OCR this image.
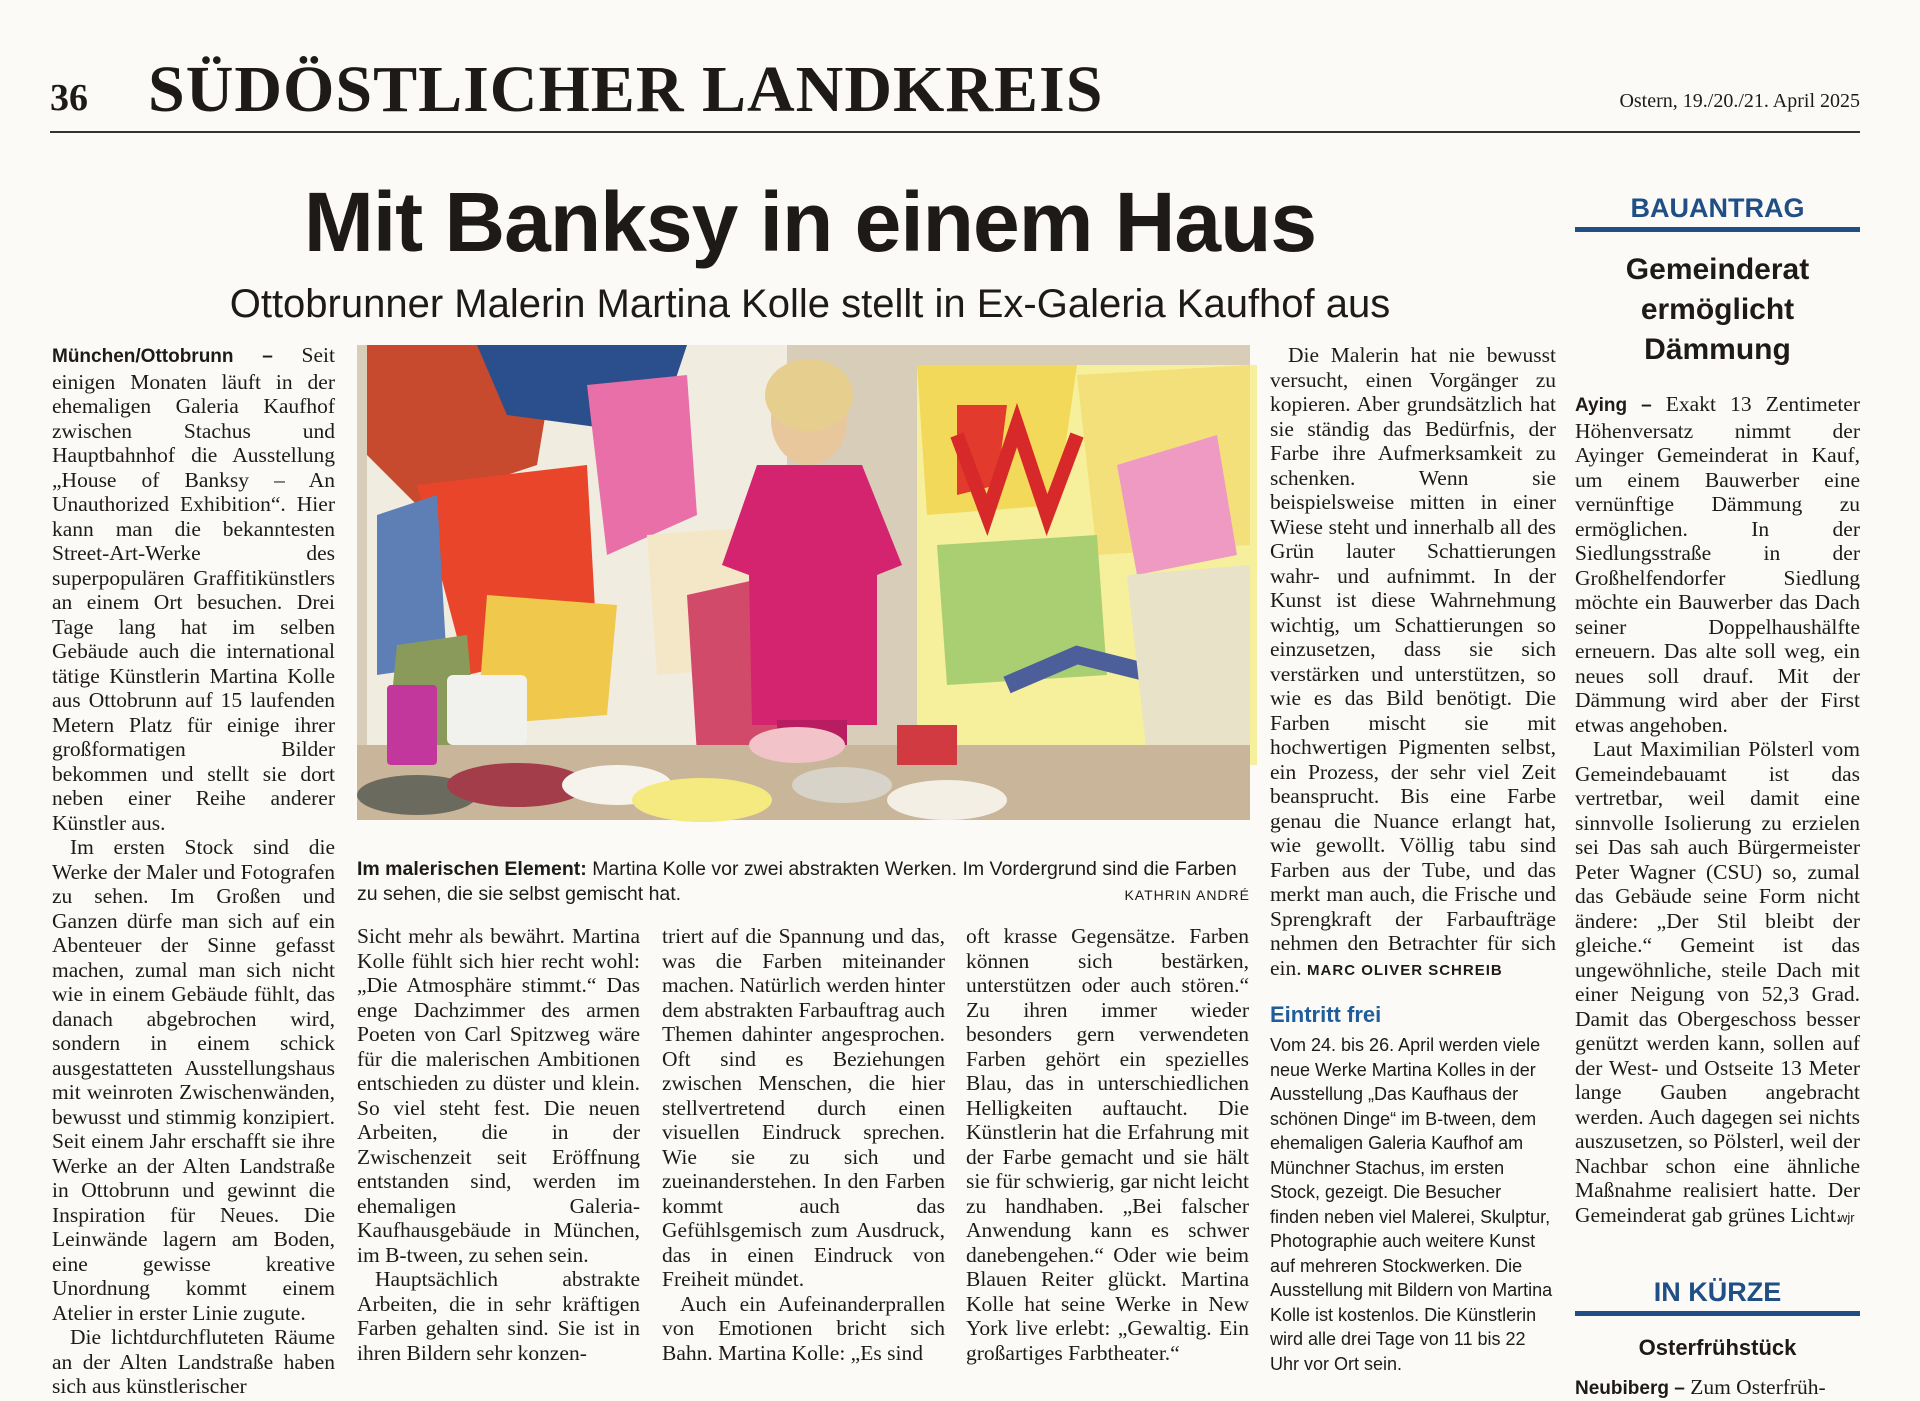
36 SÜDÖSTLICHER LANDKREIS	Ostern, 19./20./21. April 2025
Mit Banksy in einem Haus
Ottobrunner Malerin Martina Kolle stellt in Ex-Galeria Kaufhof aus

München/Ottobrunn – Seit einigen Monaten läuft in der ehemaligen Galeria Kaufhof zwischen Stachus und Hauptbahnhof die Ausstellung „House of Banksy – An Unauthorized Exhibition“. Hier kann man die bekanntesten Street-Art-Werke des superpopulären Graffitikünstlers an einem Ort besuchen. Drei Tage lang hat im selben Gebäude auch die international tätige Künstlerin Martina Kolle aus Ottobrunn auf 15 laufenden Metern Platz für einige ihrer großformatigen Bilder bekommen und stellt sie dort neben einer Reihe anderer Künstler aus.

Im ersten Stock sind die Werke der Maler und Fotografen zu sehen. Im Großen und Ganzen dürfe man sich auf ein Abenteuer der Sinne gefasst machen, zumal man sich nicht wie in einem Gebäude fühlt, das danach abgebrochen wird, sondern in einem schick ausgestatteten Ausstellungshaus mit weinroten Zwischenwänden, bewusst und stimmig konzipiert. Seit einem Jahr erschafft sie ihre Werke an der Alten Landstraße in Ottobrunn und gewinnt die Inspiration für Neues. Die Leinwände lagern am Boden, eine gewisse kreative Unordnung kommt einem Atelier in erster Linie zugute.

Die lichtdurchfluteten Räume an der Alten Landstraße haben sich aus künstlerischer

Im malerischen Element: Martina Kolle vor zwei abstrakten Werken. Im Vordergrund sind die Farben zu sehen, die sie selbst gemischt hat.	KATHRIN ANDRÉ

Sicht mehr als bewährt. Martina Kolle fühlt sich hier recht wohl: „Die Atmosphäre stimmt.“ Das enge Dachzimmer des armen Poeten von Carl Spitzweg wäre für die malerischen Ambitionen entschieden zu düster und klein. So viel steht fest. Die neuen Arbeiten, die in der Zwischenzeit seit Eröffnung entstanden sind, werden im ehemaligen Galeria-Kaufhausgebäude in München, im B-tween, zu sehen sein.

Hauptsächlich abstrakte Arbeiten, die in sehr kräftigen Farben gehalten sind. Sie ist in ihren Bildern sehr konzen-

triert auf die Spannung und das, was die Farben miteinander machen. Natürlich werden hinter dem abstrakten Farbauftrag auch Themen dahinter angesprochen. Oft sind es Beziehungen zwischen Menschen, die hier stellvertretend durch einen visuellen Eindruck sprechen. Wie sie zu sich und zueinanderstehen. In den Farben kommt auch das Gefühlsgemisch zum Ausdruck, das in einen Eindruck von Freiheit mündet.

Auch ein Aufeinanderprallen von Emotionen bricht sich Bahn. Martina Kolle: „Es sind

oft krasse Gegensätze. Farben können sich bestärken, unterstützen oder auch stören.“ Zu ihren immer wieder besonders gern verwendeten Farben gehört ein spezielles Blau, das in unterschiedlichen Helligkeiten auftaucht. Die Künstlerin hat die Erfahrung mit der Farbe gemacht und sie hält sie für schwierig, gar nicht leicht zu handhaben. „Bei falscher Anwendung kann es schwer danebengehen.“ Oder wie beim Blauen Reiter glückt. Martina Kolle hat seine Werke in New York live erlebt: „Gewaltig. Ein großartiges Farbtheater.“

Die Malerin hat nie bewusst versucht, einen Vorgänger zu kopieren. Aber grundsätzlich hat sie ständig das Bedürfnis, der Farbe ihre Aufmerksamkeit zu schenken. Wenn sie beispielsweise mitten in einer Wiese steht und innerhalb all des Grün lauter Schattierungen wahr- und aufnimmt. In der Kunst ist diese Wahrnehmung wichtig, um Schattierungen so einzusetzen, dass sie sich verstärken und unterstützen, so wie es das Bild benötigt. Die Farben mischt sie mit hochwertigen Pigmenten selbst, ein Prozess, der sehr viel Zeit beansprucht. Bis eine Farbe genau die Nuance erlangt hat, wie gewollt. Völlig tabu sind Farben aus der Tube, und das merkt man auch, die Frische und Sprengkraft der Farbaufträge nehmen den Betrachter für sich ein. MARC OLIVER SCHREIB

Eintritt frei
Vom 24. bis 26. April werden viele neue Werke Martina Kolles in der Ausstellung „Das Kaufhaus der schönen Dinge“ im B-tween, dem ehemaligen Galeria Kaufhof am Münchner Stachus, im ersten Stock, gezeigt. Die Besucher finden neben viel Malerei, Skulptur, Photographie auch weitere Kunst auf mehreren Stockwerken. Die Ausstellung mit Bildern von Martina Kolle ist kostenlos. Die Künstlerin wird alle drei Tage von 11 bis 22 Uhr vor Ort sein.
BAUANTRAG
Gemeinderat ermöglicht Dämmung

Aying – Exakt 13 Zentimeter Höhenversatz nimmt der Ayinger Gemeinderat in Kauf, um einem Bauwerber eine vernünftige Dämmung zu ermöglichen. In der Siedlungsstraße in der Großhelfendorfer Siedlung möchte ein Bauwerber das Dach seiner Doppelhaushälfte erneuern. Das alte soll weg, ein neues soll drauf. Mit der Dämmung wird aber der First etwas angehoben.

Laut Maximilian Pölsterl vom Gemeindebauamt ist das vertretbar, weil damit eine sinnvolle Isolierung zu erzielen sei Das sah auch Bürgermeister Peter Wagner (CSU) so, zumal das Gebäude seine Form nicht ändere: „Der Stil bleibt der gleiche.“ Gemeint ist das ungewöhnliche, steile Dach mit einer Neigung von 52,3 Grad. Damit das Obergeschoss besser genützt werden kann, sollen auf der West- und Ostseite 13 Meter lange Gauben angebracht werden. Auch dagegen sei nichts auszusetzen, so Pölsterl, weil der Nachbar schon eine ähnliche Maßnahme realisiert hatte. Der Gemeinderat gab grünes Licht.

wjr
IN KÜRZE
Osterfrühstück
Neubiberg – Zum Osterfrüh-
